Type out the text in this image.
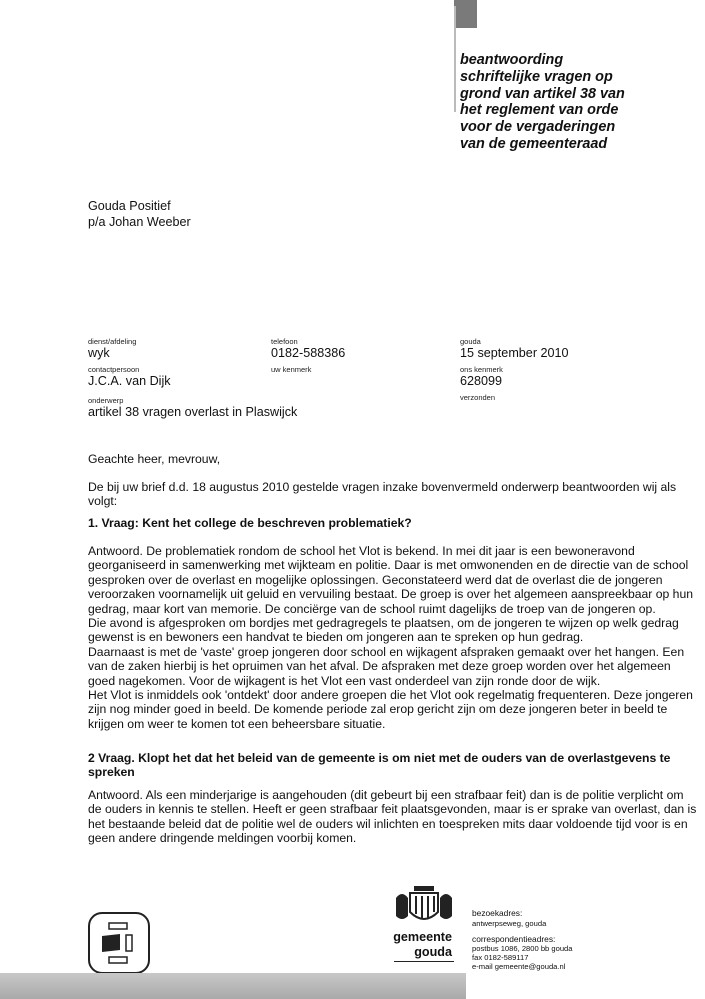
beantwoording
schriftelijke vragen op
grond van artikel 38 van
het reglement van orde
voor de vergaderingen
van de gemeenteraad
Gouda Positief
p/a Johan Weeber
dienst/afdeling
wyk
telefoon
0182-588386
gouda
15 september 2010
contactpersoon
J.C.A. van Dijk
uw kenmerk	ons kenmerk
628099
verzonden
onderwerp
artikel 38 vragen overlast in Plaswijck
Geachte heer, mevrouw,
De bij uw brief d.d. 18 augustus 2010 gestelde vragen inzake bovenvermeld onderwerp beantwoorden wij als volgt:
1. Vraag: Kent het college de beschreven problematiek?
Antwoord. De problematiek rondom de school het Vlot is bekend. In mei dit jaar is een bewoneravond georganiseerd in samenwerking met wijkteam en politie. Daar is met omwonenden en de directie van de school gesproken over de overlast en mogelijke oplossingen. Geconstateerd werd dat de overlast die de jongeren veroorzaken voornamelijk uit geluid en vervuiling bestaat. De groep is over het algemeen aanspreekbaar op hun gedrag, maar kort van memorie. De conciërge van de school ruimt dagelijks de troep van de jongeren op.
Die avond is afgesproken om bordjes met gedragregels te plaatsen, om de jongeren te wijzen op welk gedrag gewenst is en bewoners een handvat te bieden om jongeren aan te spreken op hun gedrag.
Daarnaast is met de 'vaste' groep jongeren door school en wijkagent afspraken gemaakt over het hangen. Een van de zaken hierbij is het opruimen van het afval. De afspraken met deze groep worden over het algemeen goed nagekomen. Voor de wijkagent is het Vlot een vast onderdeel van zijn ronde door de wijk.
Het Vlot is inmiddels ook 'ontdekt' door andere groepen die het Vlot ook regelmatig frequenteren. Deze jongeren zijn nog minder goed in beeld. De komende periode zal erop gericht zijn om deze jongeren beter in beeld te krijgen om weer te komen tot een beheersbare situatie.
2 Vraag. Klopt het dat het beleid van de gemeente is om niet met de ouders van de overlastgevens te spreken
Antwoord. Als een minderjarige is aangehouden (dit gebeurt bij een strafbaar feit) dan is de politie verplicht om de ouders in kennis te stellen. Heeft er geen strafbaar feit plaatsgevonden, maar is er sprake van overlast, dan is het bestaande beleid dat de politie wel de ouders wil inlichten en toespreken mits daar voldoende tijd voor is en geen andere dringende meldingen voorbij komen.
gemeente
gouda
bezoekadres:
antwerpseweg, gouda
correspondentieadres:
postbus 1086, 2800 bb gouda
fax 0182-589117
e-mail gemeente@gouda.nl
